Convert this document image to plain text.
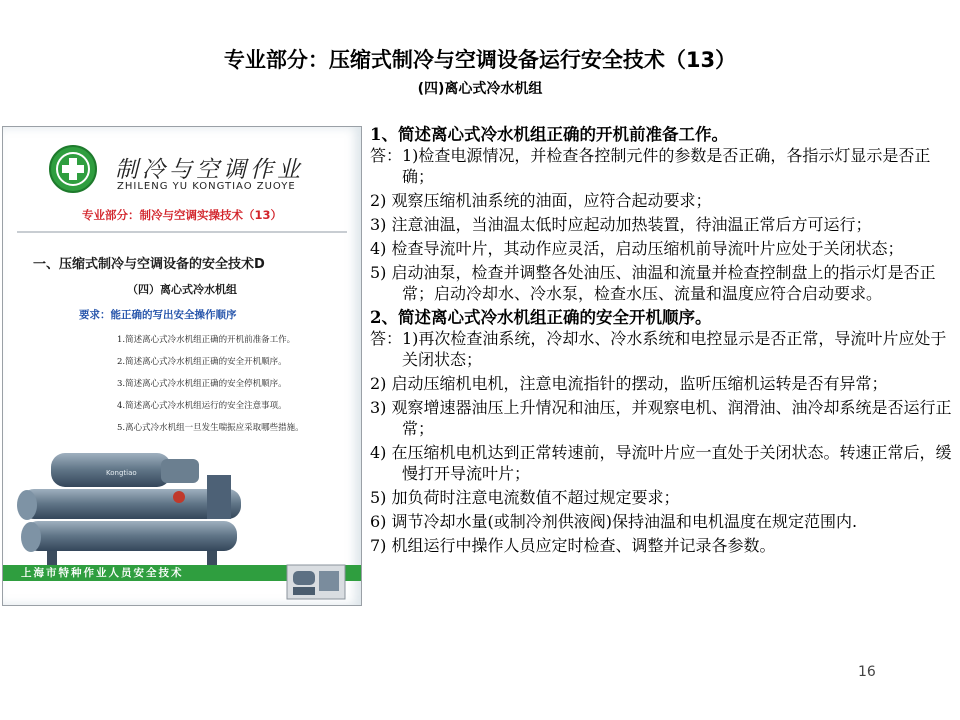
专业部分：压缩式制冷与空调设备运行安全技术（13）
(四)离心式冷水机组
制冷与空调作业
ZHILENG YU KONGTIAO ZUOYE
专业部分：制冷与空调实操技术（13）
一、压缩式制冷与空调设备的安全技术D
（四）离心式冷水机组
要求：能正确的写出安全操作顺序
1.简述离心式冷水机组正确的开机前准备工作。
2.简述离心式冷水机组正确的安全开机顺序。
3.简述离心式冷水机组正确的安全停机顺序。
4.简述离心式冷水机组运行的安全注意事项。
5.离心式冷水机组一旦发生喘振应采取哪些措施。
Kongtiao
上海市特种作业人员安全技术

1、简述离心式冷水机组正确的开机前准备工作。

答：1)检查电源情况，并检查各控制元件的参数是否正确，各指示灯显示是否正确；

2) 观察压缩机油系统的油面，应符合起动要求；

3) 注意油温，当油温太低时应起动加热装置，待油温正常后方可运行；

4) 检查导流叶片，其动作应灵活，启动压缩机前导流叶片应处于关闭状态；

5) 启动油泵，检查并调整各处油压、油温和流量并检查控制盘上的指示灯是否正常；启动冷却水、冷水泵，检查水压、流量和温度应符合启动要求。

2、简述离心式冷水机组正确的安全开机顺序。

答：1)再次检查油系统，冷却水、冷水系统和电控显示是否正常，导流叶片应处于关闭状态；

2) 启动压缩机电机，注意电流指针的摆动，监听压缩机运转是否有异常；

3) 观察增速器油压上升情况和油压，并观察电机、润滑油、油冷却系统是否运行正常；

4) 在压缩机电机达到正常转速前，导流叶片应一直处于关闭状态。转速正常后，缓慢打开导流叶片；

5) 加负荷时注意电流数值不超过规定要求；

6) 调节冷却水量(或制冷剂供液阀)保持油温和电机温度在规定范围内.

7) 机组运行中操作人员应定时检查、调整并记录各参数。

16
